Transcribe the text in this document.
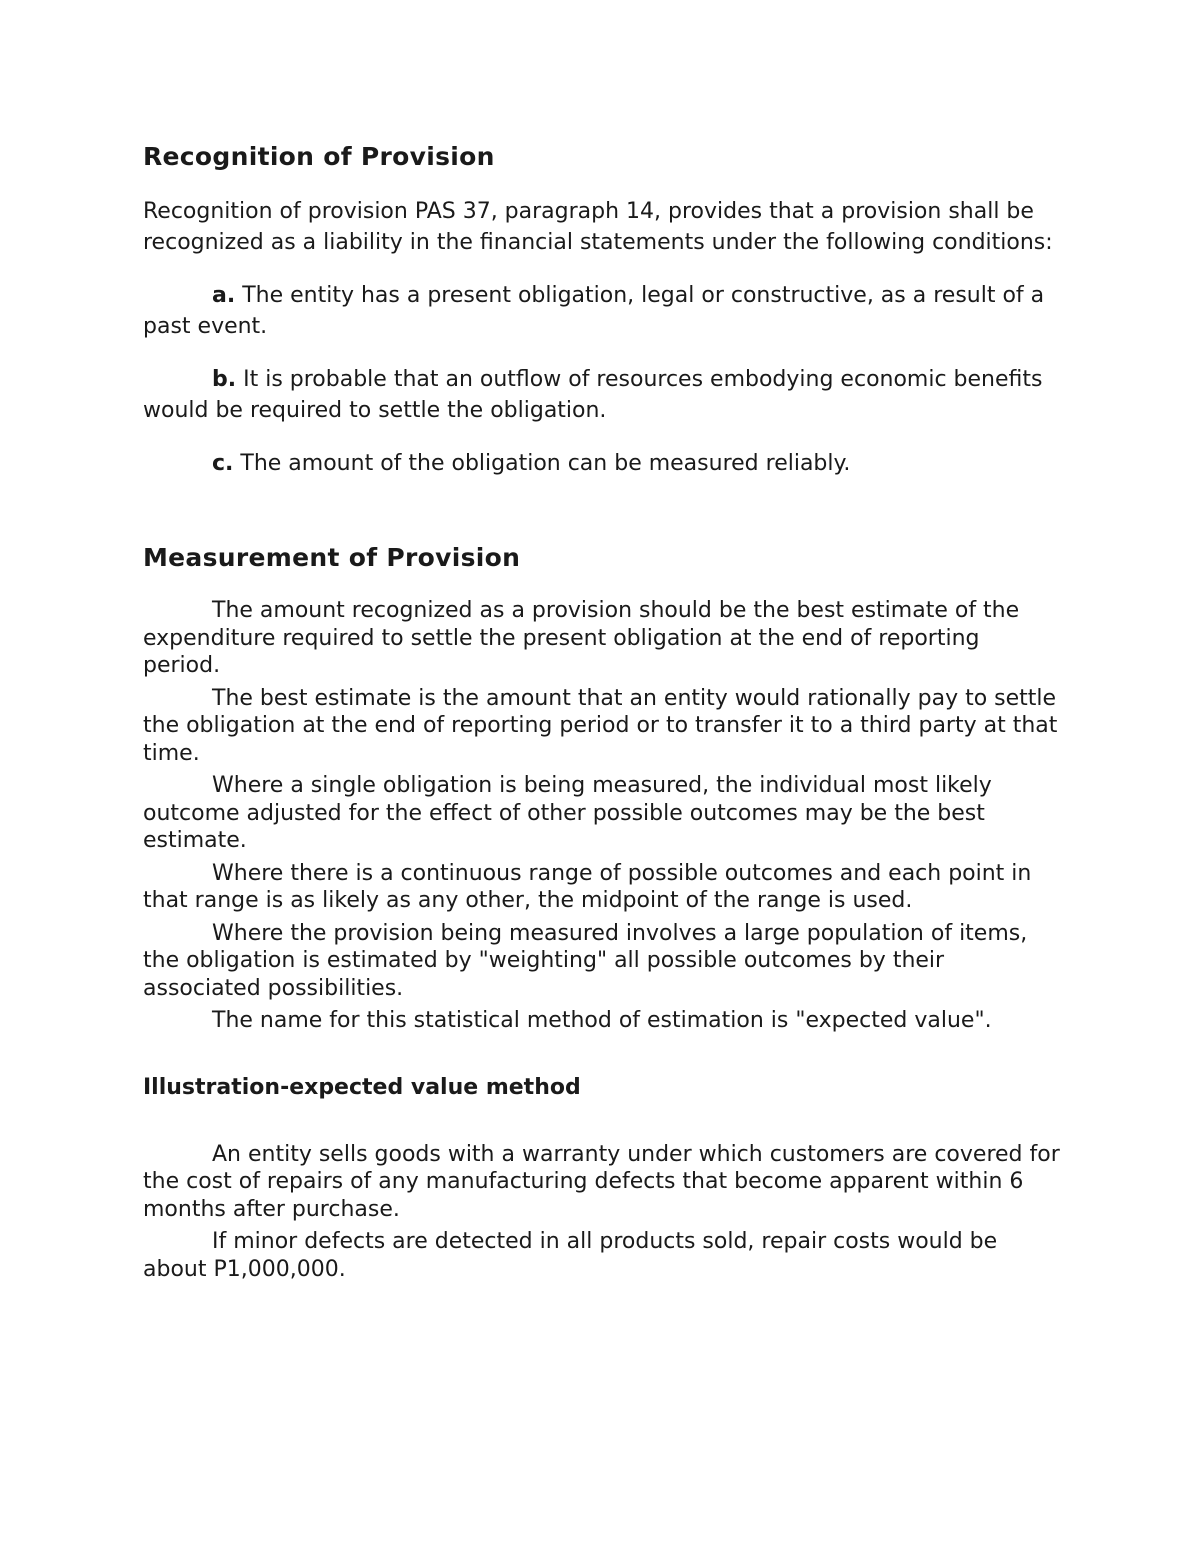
Recognition of Provision

Recognition of provision PAS 37, paragraph 14, provides that a provision shall be recognized as a liability in the financial statements under the following conditions:

a. The entity has a present obligation, legal or constructive, as a result of a past event.

b. It is probable that an outflow of resources embodying economic benefits would be required to settle the obligation.

c. The amount of the obligation can be measured reliably.

Measurement of Provision

The amount recognized as a provision should be the best estimate of the expenditure required to settle the present obligation at the end of reporting period.

The best estimate is the amount that an entity would rationally pay to settle the obligation at the end of reporting period or to transfer it to a third party at that time.

Where a single obligation is being measured, the individual most likely outcome adjusted for the effect of other possible outcomes may be the best estimate.

Where there is a continuous range of possible outcomes and each point in that range is as likely as any other, the midpoint of the range is used.

Where the provision being measured involves a large population of items, the obligation is estimated by "weighting" all possible outcomes by their associated possibilities.

The name for this statistical method of estimation is "expected value".

Illustration-expected value method

An entity sells goods with a warranty under which customers are covered for the cost of repairs of any manufacturing defects that become apparent within 6 months after purchase.

If minor defects are detected in all products sold, repair costs would be about P1,000,000.
